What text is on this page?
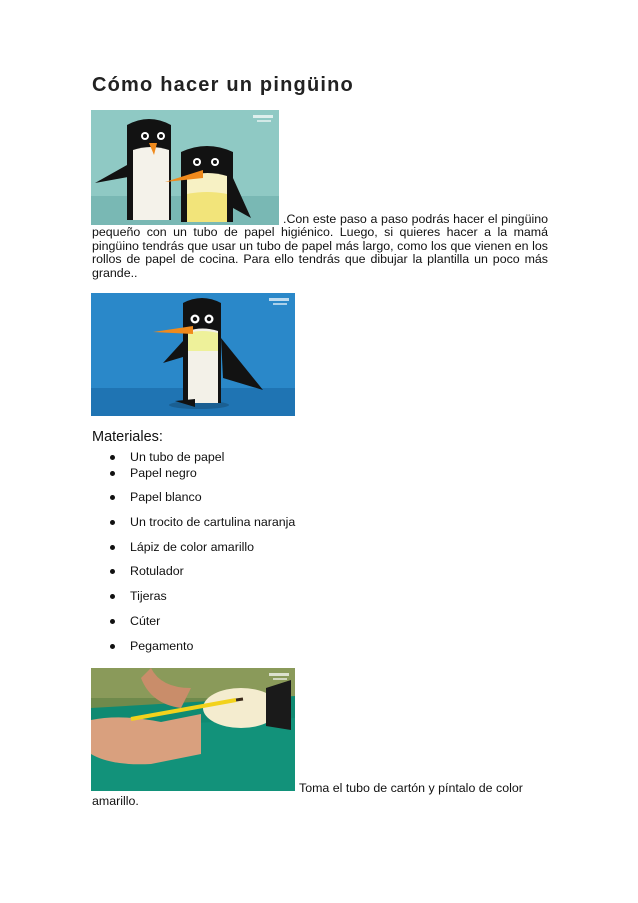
Cómo hacer un pingüino
.Con este paso a paso podrás hacer el pingüino pequeño con un tubo de papel higiénico. Luego, si quieres hacer a la mamá pingüino tendrás que usar un tubo de papel más largo, como los que vienen en los rollos de papel de cocina. Para ello tendrás que dibujar la plantilla un poco más grande..
Materiales:
Un tubo de papel
Papel negro
Papel blanco
Un trocito de cartulina naranja
Lápiz de color amarillo
Rotulador
Tijeras
Cúter
Pegamento
Toma el tubo de cartón y píntalo de color amarillo.
